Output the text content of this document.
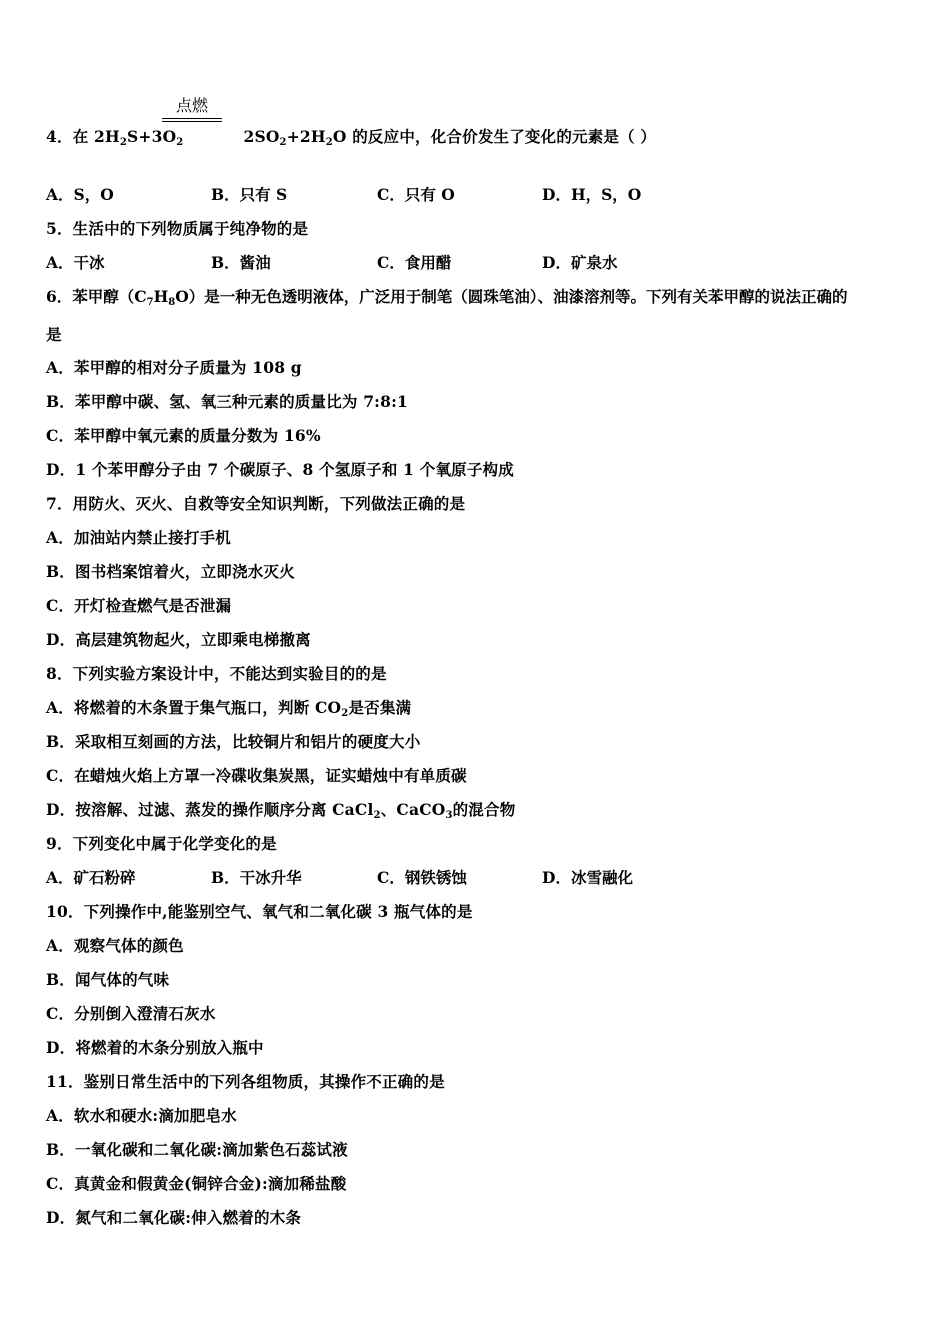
点燃
4．在 $2H_2S+3O_2$	$2SO_2+2H_2O$ 的反应中，化合价发生了变化的元素是（ ）
A．S，O	B．只有 S	C．只有 O	D．H，S，O
5．生活中的下列物质属于纯净物的是
A．干冰	B．酱油	C．食用醋	D．矿泉水
6．苯甲醇$(C_7H_8O)$是一种无色透明液体，广泛用于制笔（圆珠笔油）、油漆溶剂等。下列有关苯甲醇的说法正确的
是
A．苯甲醇的相对分子质量为 108 g
B．苯甲醇中碳、氢、氧三种元素的质量比为 7:8:1
C．苯甲醇中氧元素的质量分数为 16%
D．1 个苯甲醇分子由 7 个碳原子、8 个氢原子和 1 个氧原子构成
7．用防火、灭火、自救等安全知识判断，下列做法正确的是
A．加油站内禁止接打手机
B．图书档案馆着火，立即浇水灭火
C．开灯检查燃气是否泄漏
D．高层建筑物起火，立即乘电梯撤离
8．下列实验方案设计中，不能达到实验目的的是
A．将燃着的木条置于集气瓶口，判断 $CO_2$是否集满
B．采取相互刻画的方法，比较铜片和铝片的硬度大小
C．在蜡烛火焰上方罩一冷碟收集炭黑，证实蜡烛中有单质碳
D．按溶解、过滤、蒸发的操作顺序分离 CaCl$_2$、CaCO$_3$的混合物
9．下列变化中属于化学变化的是
A．矿石粉碎	B．干冰升华	C．钢铁锈蚀	D．冰雪融化
10．下列操作中,能鉴别空气、氧气和二氧化碳 3 瓶气体的是
A．观察气体的颜色
B．闻气体的气味
C．分别倒入澄清石灰水
D．将燃着的木条分别放入瓶中
11．鉴别日常生活中的下列各组物质，其操作不正确的是
A．软水和硬水:滴加肥皂水
B．一氧化碳和二氧化碳:滴加紫色石蕊试液
C．真黄金和假黄金(铜锌合金):滴加稀盐酸
D．氮气和二氧化碳:伸入燃着的木条
